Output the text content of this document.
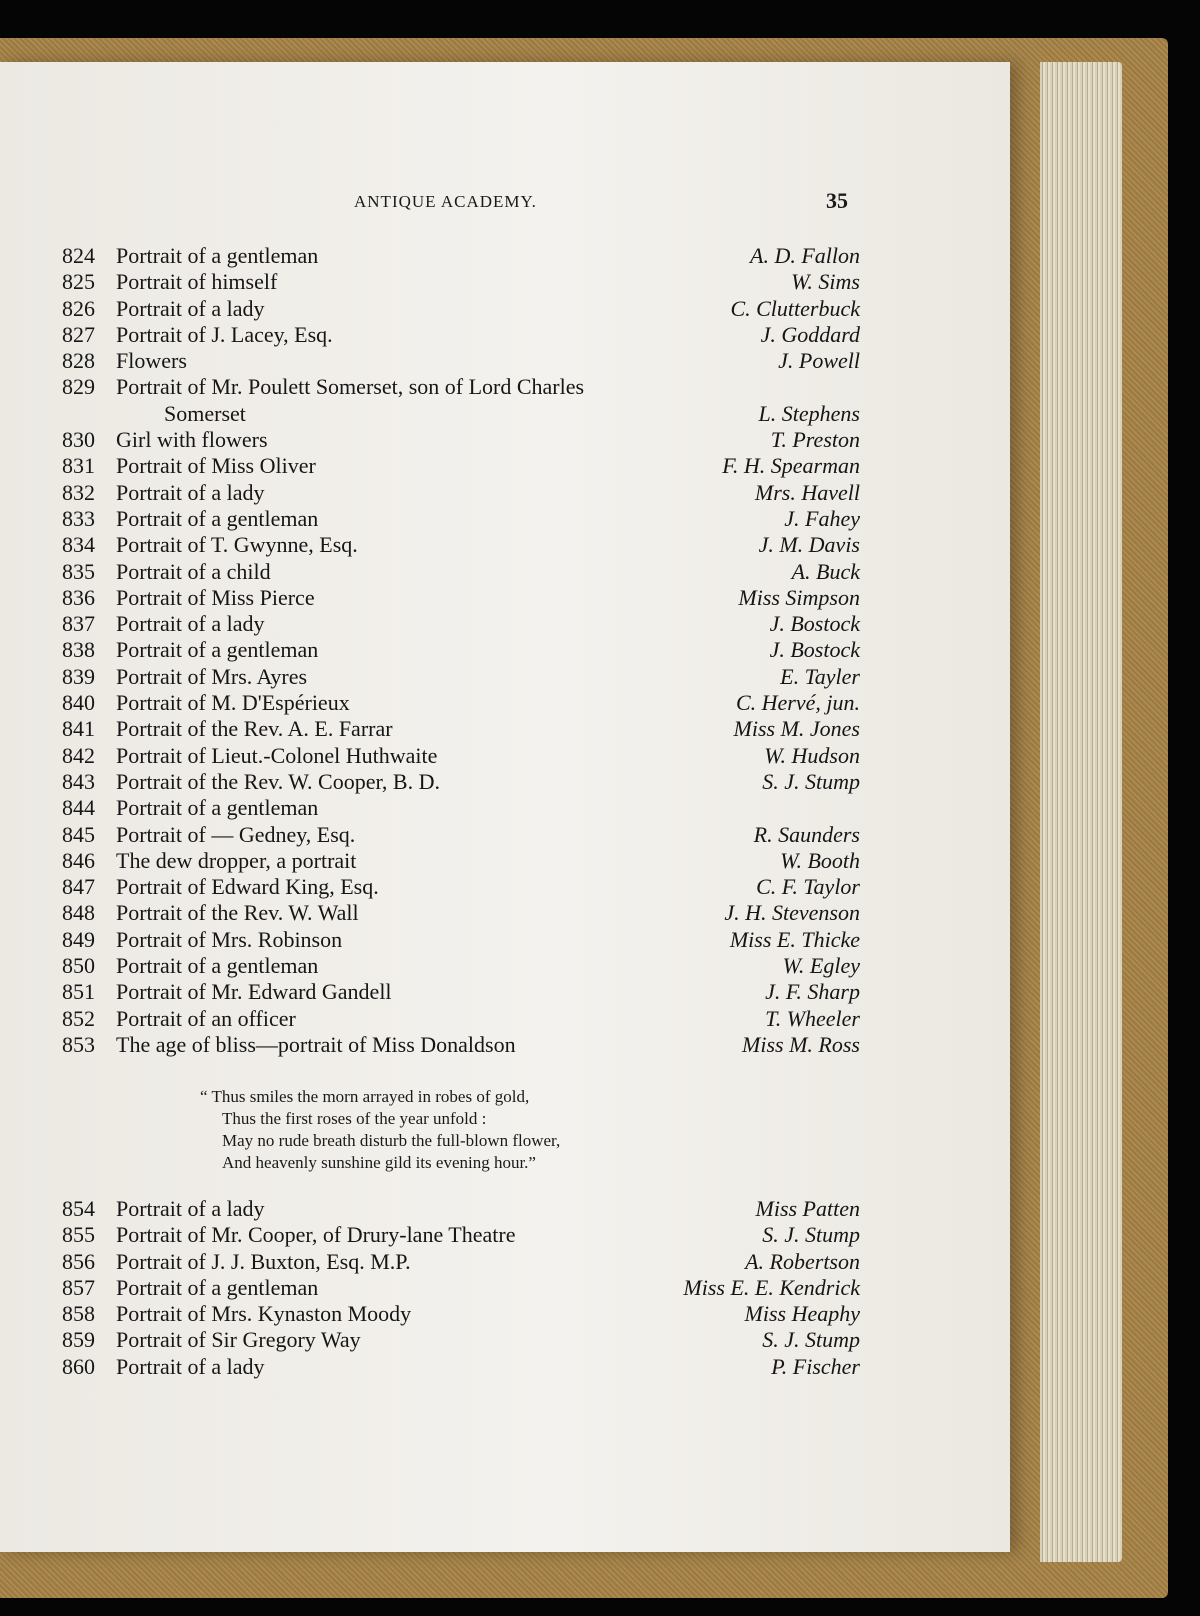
ANTIQUE ACADEMY.	35
824 Portrait of a gentleman	A. D. Fallon
825 Portrait of himself	W. Sims
826 Portrait of a lady	C. Clutterbuck
827 Portrait of J. Lacey, Esq.	J. Goddard
828 Flowers	J. Powell
829 Portrait of Mr. Poulett Somerset, son of Lord Charles
Somerset	L. Stephens
830 Girl with flowers	T. Preston
831 Portrait of Miss Oliver	F. H. Spearman
832 Portrait of a lady	Mrs. Havell
833 Portrait of a gentleman	J. Fahey
834 Portrait of T. Gwynne, Esq.	J. M. Davis
835 Portrait of a child	A. Buck
836 Portrait of Miss Pierce	Miss Simpson
837 Portrait of a lady	J. Bostock
838 Portrait of a gentleman	J. Bostock
839 Portrait of Mrs. Ayres	E. Tayler
840 Portrait of M. D'Espérieux	C. Hervé, jun.
841 Portrait of the Rev. A. E. Farrar	Miss M. Jones
842 Portrait of Lieut.-Colonel Huthwaite	W. Hudson
843 Portrait of the Rev. W. Cooper, B. D.	S. J. Stump
844 Portrait of a gentleman
845 Portrait of — Gedney, Esq.	R. Saunders
846 The dew dropper, a portrait	W. Booth
847 Portrait of Edward King, Esq.	C. F. Taylor
848 Portrait of the Rev. W. Wall	J. H. Stevenson
849 Portrait of Mrs. Robinson	Miss E. Thicke
850 Portrait of a gentleman	W. Egley
851 Portrait of Mr. Edward Gandell	J. F. Sharp
852 Portrait of an officer	T. Wheeler
853 The age of bliss—portrait of Miss Donaldson	Miss M. Ross
“ Thus smiles the morn arrayed in robes of gold,
Thus the first roses of the year unfold :
May no rude breath disturb the full-blown flower,
And heavenly sunshine gild its evening hour.”
854 Portrait of a lady	Miss Patten
855 Portrait of Mr. Cooper, of Drury-lane Theatre	S. J. Stump
856 Portrait of J. J. Buxton, Esq. M.P.	A. Robertson
857 Portrait of a gentleman	Miss E. E. Kendrick
858 Portrait of Mrs. Kynaston Moody	Miss Heaphy
859 Portrait of Sir Gregory Way	S. J. Stump
860 Portrait of a lady	P. Fischer
